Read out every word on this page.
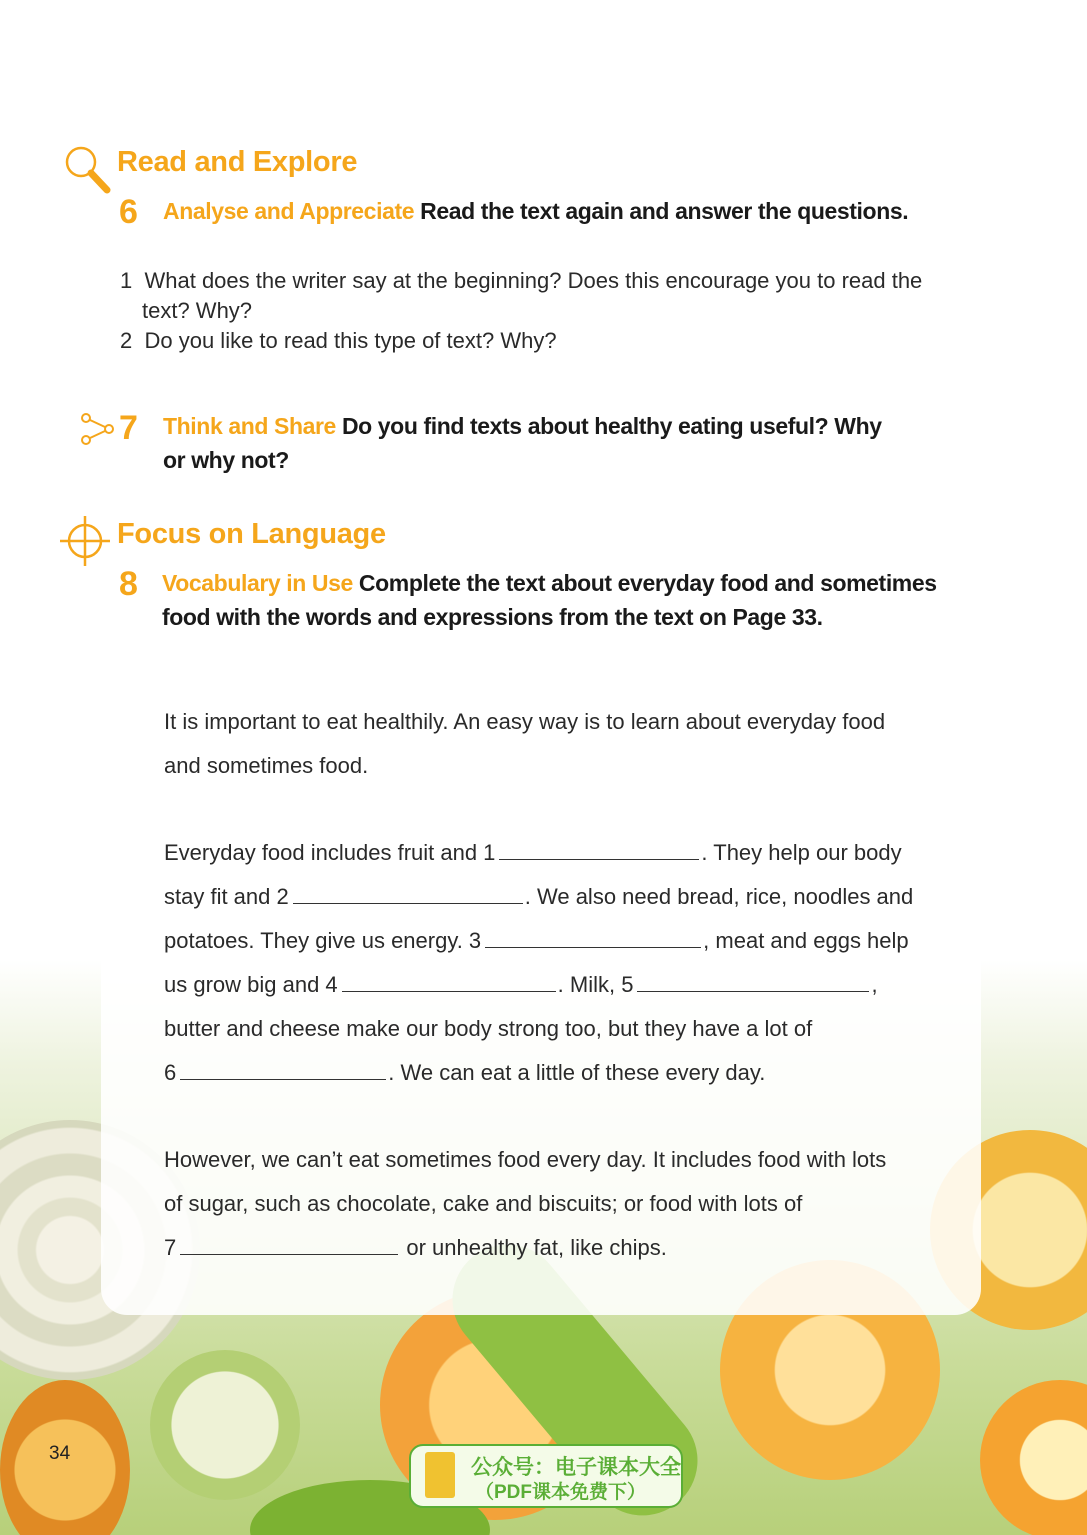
Read and Explore
6 Analyse and Appreciate Read the text again and answer the questions.
1 What does the writer say at the beginning? Does this encourage you to read the
text? Why?
2 Do you like to read this type of text? Why?
7 Think and Share Do you find texts about healthy eating useful? Why
or why not?
Focus on Language
8 Vocabulary in Use Complete the text about everyday food and sometimes
food with the words and expressions from the text on Page 33.
It is important to eat healthily. An easy way is to learn about everyday food
and sometimes food.
Everyday food includes fruit and 1	. They help our body
stay fit and 2	. We also need bread, rice, noodles and
potatoes. They give us energy. 3	, meat and eggs help
us grow big and 4	. Milk, 5	,
butter and cheese make our body strong too, but they have a lot of
6	. We can eat a little of these every day.
However, we can’t eat sometimes food every day. It includes food with lots
of sugar, such as chocolate, cake and biscuits; or food with lots of
7	or unhealthy fat, like chips.
34
公众号：电子课本大全
（PDF课本免费下）
